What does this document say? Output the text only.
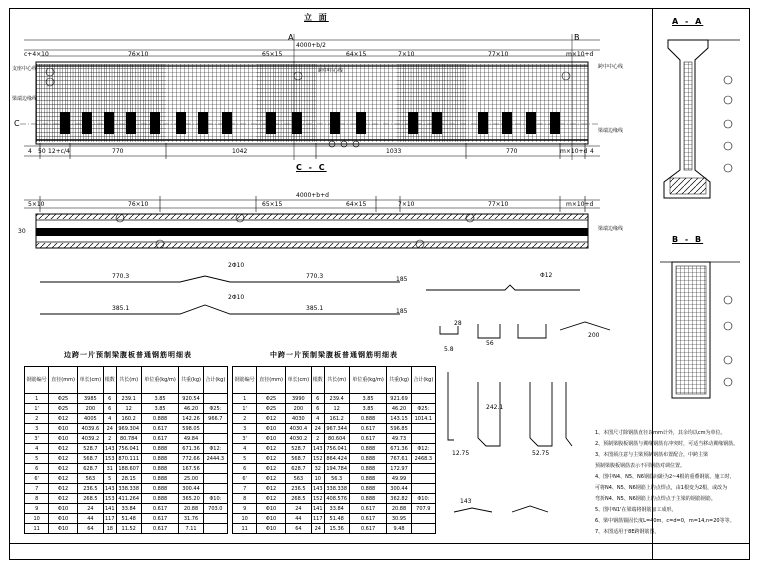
立 面
C - C
A - A
B - B
4000+b/2
c+4×10	76×10	65×15	64×15	7×10	77×10	m×10+d
A	B
C
支座中心线
梁端边缘线
跨中中心线
跨中中心线
梁端边缘线
4 50 12+c/4	770	1042	1033	770	m×10+d 4
4000+b+d
5×10	76×10	65×15	64×15	7×10	77×10	m×10+d
30	梁端边缘线
770.3	770.3	185
2Φ10
385.1	385.1	185
2Φ10
Φ12
28
56
200
5.8
143
242.1
12.75	52.75
边跨一片预制梁腹板普通钢筋明细表	中跨一片预制梁腹板普通钢筋明细表
钢筋编号	直径(mm)	单长(cm)	根数	共长(m)	单位重(kg/m)	共重(kg)	合计(kg)
1	Φ25	3985	6	239.1	3.85	920.54	
1'	Φ25	200	6	12	3.85	46.20	Φ25:
2	Φ12	4005	4	160.2	0.888	142.26	966.7
3	Φ10	4039.6	24	969.304	0.617	598.05	
3'	Φ10	4039.2	2	80.784	0.617	49.84	
4	Φ12	528.7	143	756.041	0.888	671.36	Φ12:
5	Φ12	568.7	153	870.111	0.888	772.66	2444.3
6	Φ12	628.7	31	188.607	0.888	167.56	
6'	Φ12	563	5	28.15	0.888	25.00	
7	Φ12	236.5	143	338.338	0.888	300.44	
8	Φ12	268.5	153	411.264	0.888	365.20	Φ10:
9	Φ10	24	141	33.84	0.617	20.88	703.0
10	Φ10	44	117	51.48	0.617	31.76	
11	Φ10	64	18	11.52	0.617	7.11	
钢筋编号	直径(mm)	单长(cm)	根数	共长(m)	单位重(kg/m)	共重(kg)	合计(kg)
1	Φ25	3990	6	239.4	3.85	921.69	
1'	Φ25	200	6	12	3.85	46.20	Φ25:
2	Φ12	4030	4	161.2	0.888	143.15	1014.1
3	Φ10	4030.4	24	967.344	0.617	596.85	
3'	Φ10	4030.2	2	80.604	0.617	49.73	
4	Φ12	528.7	143	756.041	0.888	671.36	Φ12:
5	Φ12	568.7	152	864.424	0.888	767.61	2468.3
6	Φ12	628.7	32	194.784	0.888	172.97	
6'	Φ12	563	10	56.3	0.888	49.99	
7	Φ12	236.5	143	338.338	0.888	300.44	
8	Φ12	268.5	152	408.576	0.888	362.82	Φ10:
9	Φ10	24	141	33.84	0.617	20.88	707.9
10	Φ10	44	117	51.48	0.617	30.95	
11	Φ10	64	24	15.36	0.617	9.48	
1、本图尺寸除钢筋直径以mm计外，其余均以cm为单位。
2、预制梁腹板钢筋与翼缘钢筋有冲突时，可适当移动翼缘钢筋。
3、本图须注意与主梁预制钢筋布置配合，中跨主梁
预制梁腹板钢筋表示不同钢筋对调位置。
4、图中N4、N5、N6钢筋间距为2~4根的重叠钢筋。施工时，
可将N4、N5、N6钢筋上的点焊点，由1根变为2根，或改为
弯折N4、N5、N6钢筋上的点焊点于主梁的钢筋钢筋。
5、图中N1'在梁端将钢筋加工成形。
6、梁中钢筋锚固长度L=40m，c=d=0，m=14,n=20等等。
7、本图适用于8E跨钢筋图。
